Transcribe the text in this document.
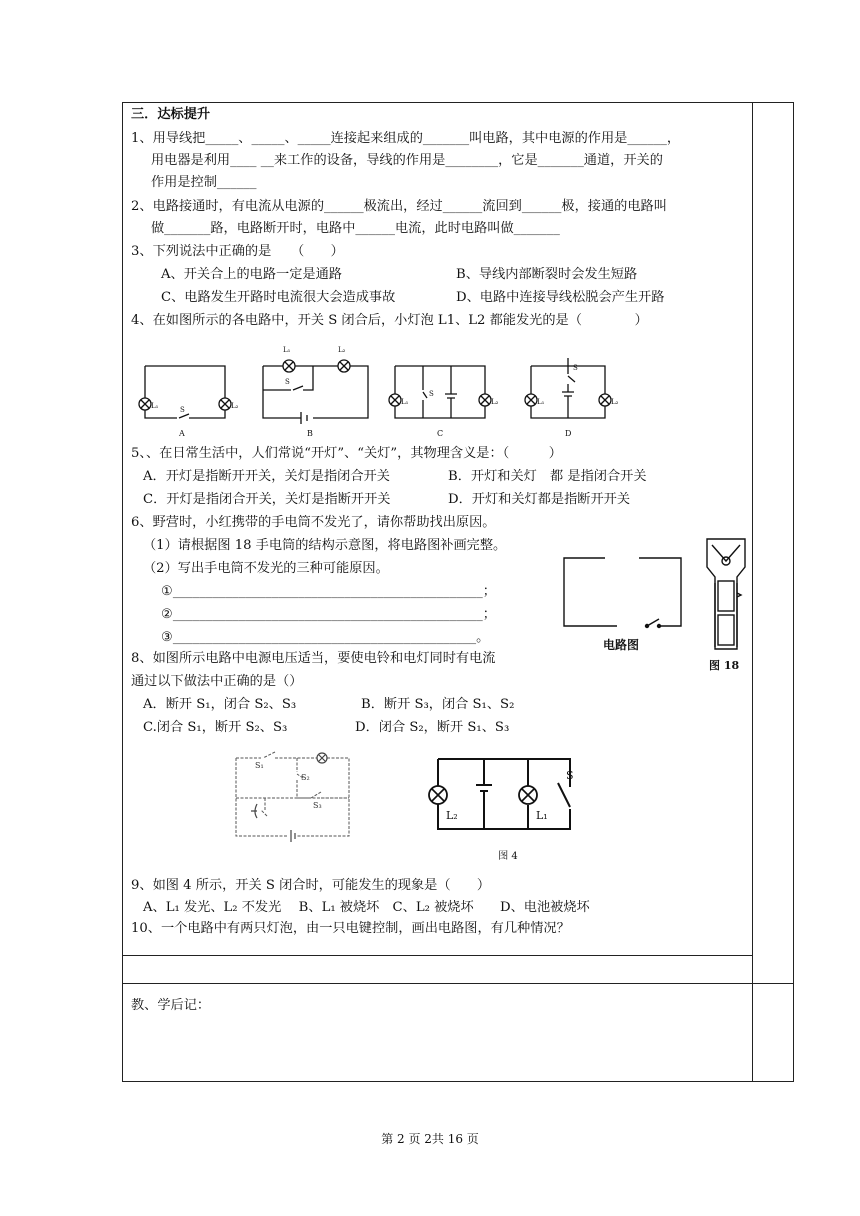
三．达标提升
1、用导线把_____、_____、_____连接起来组成的_______叫电路，其中电源的作用是______，
用电器是利用____ __来工作的设备，导线的作用是________，它是_______通道，开关的
作用是控制______
2、电路接通时，有电流从电源的______极流出，经过______流回到______极，接通的电路叫
做_______路，电路断开时，电路中______电流，此时电路叫做_______
3、下列说法中正确的是　　（　　）
A、开关合上的电路一定是通路	B、导线内部断裂时会发生短路
C、电路发生开路时电流很大会造成事故	D、电路中连接导线松脱会产生开路
4、在如图所示的各电路中，开关 S 闭合后，小灯泡 L1、L2 都能发光的是（　　　　）
L₁	L₂
S
L₁	L₂
S
L₁	L₂
S
L₁	L₂
S
A	B	C	D
5、、在日常生活中，人们常说“开灯”、“关灯”，其物理含义是：（　　　）
A．开灯是指断开开关，关灯是指闭合开关	B．开灯和关灯　都 是指闭合开关
C．开灯是指闭合开关，关灯是指断开开关	D．开灯和关灯都是指断开开关
6、野营时，小红携带的手电筒不发光了，请你帮助找出原因。
（1）请根据图 18 手电筒的结构示意图，将电路图补画完整。
（2）写出手电筒不发光的三种可能原因。
①_______________________________________________；
②_______________________________________________；
③______________________________________________。	电路图
图 18
8、如图所示电路中电源电压适当，要使电铃和电灯同时有电流
通过以下做法中正确的是（）
A．断开 S₁，闭合 S₂、S₃	B．断开 S₃，闭合 S₁、S₂
C.闭合 S₁，断开 S₂、S₃	D．闭合 S₂，断开 S₁、S₃
S₁
S₂
S₃
L₂	L₁
S
图 4
9、如图 4 所示，开关 S 闭合时，可能发生的现象是（　　）
A、L₁ 发光、L₂ 不发光　 B、L₁ 被烧坏　C、L₂ 被烧坏　　D、电池被烧坏
10、一个电路中有两只灯泡，由一只电键控制，画出电路图，有几种情况？
教、学后记：
第 2 页 2共 16 页
